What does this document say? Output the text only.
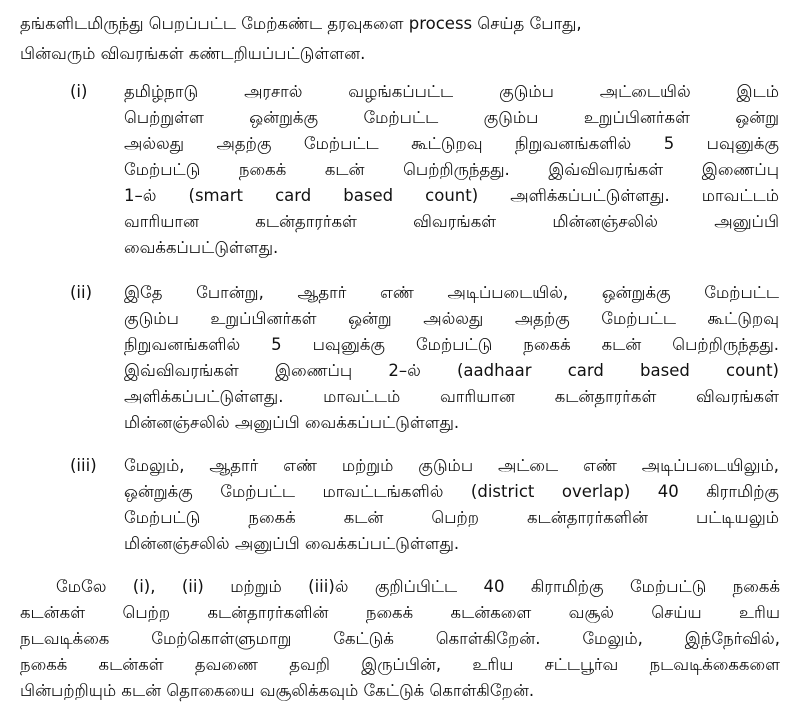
தங்களிடமிருந்து பெறப்பட்ட மேற்கண்ட தரவுகளை process செய்த போது,
பின்வரும் விவரங்கள் கண்டறியப்பட்டுள்ளன.
(i) தமிழ்நாடு அரசால் வழங்கப்பட்ட குடும்ப அட்டையில் இடம்
பெற்றுள்ள ஒன்றுக்கு மேற்பட்ட குடும்ப உறுப்பினர்கள் ஒன்று
அல்லது அதற்கு மேற்பட்ட கூட்டுறவு நிறுவனங்களில் 5 பவுனுக்கு
மேற்பட்டு நகைக் கடன் பெற்றிருந்தது. இவ்விவரங்கள் இணைப்பு
1–ல் (smart card based count) அளிக்கப்பட்டுள்ளது. மாவட்டம்
வாரியான கடன்தாரர்கள் விவரங்கள் மின்னஞ்சலில் அனுப்பி
வைக்கப்பட்டுள்ளது.
(ii) இதே போன்று, ஆதார் எண் அடிப்படையில், ஒன்றுக்கு மேற்பட்ட
குடும்ப உறுப்பினர்கள் ஒன்று அல்லது அதற்கு மேற்பட்ட கூட்டுறவு
நிறுவனங்களில் 5 பவுனுக்கு மேற்பட்டு நகைக் கடன் பெற்றிருந்தது.
இவ்விவரங்கள் இணைப்பு 2–ல் (aadhaar card based count)
அளிக்கப்பட்டுள்ளது. மாவட்டம் வாரியான கடன்தாரர்கள் விவரங்கள்
மின்னஞ்சலில் அனுப்பி வைக்கப்பட்டுள்ளது.
(iii) மேலும், ஆதார் எண் மற்றும் குடும்ப அட்டை எண் அடிப்படையிலும்,
ஒன்றுக்கு மேற்பட்ட மாவட்டங்களில் (district overlap) 40 கிராமிற்கு
மேற்பட்டு நகைக் கடன் பெற்ற கடன்தாரர்களின் பட்டியலும்
மின்னஞ்சலில் அனுப்பி வைக்கப்பட்டுள்ளது.
மேலே (i), (ii) மற்றும் (iii)ல் குறிப்பிட்ட 40 கிராமிற்கு மேற்பட்டு நகைக்
கடன்கள் பெற்ற கடன்தாரர்களின் நகைக் கடன்களை வசூல் செய்ய உரிய
நடவடிக்கை மேற்கொள்ளுமாறு கேட்டுக் கொள்கிறேன். மேலும், இந்நேர்வில்,
நகைக் கடன்கள் தவணை தவறி இருப்பின், உரிய சட்டபூர்வ நடவடிக்கைகளை
பின்பற்றியும் கடன் தொகையை வசூலிக்கவும் கேட்டுக் கொள்கிறேன்.
